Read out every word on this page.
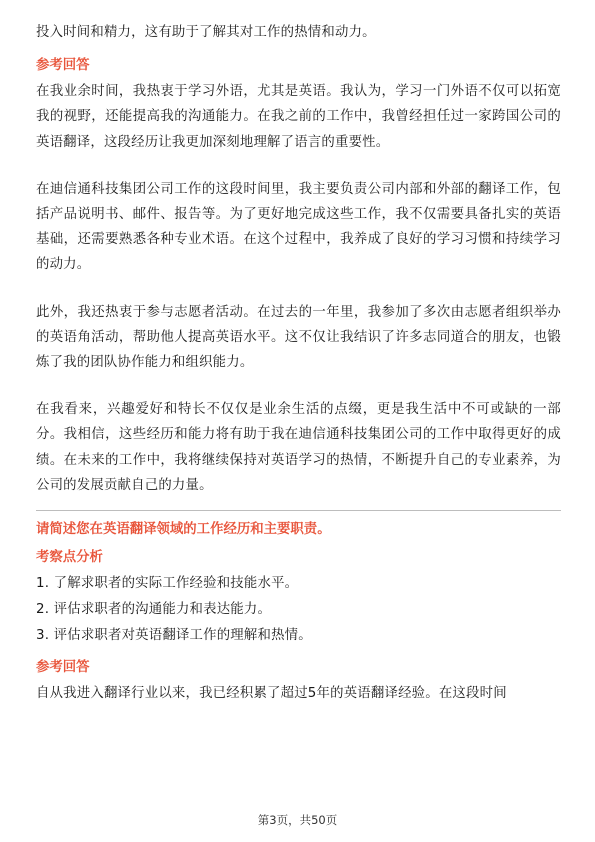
投入时间和精力，这有助于了解其对工作的热情和动力。

参考回答

在我业余时间，我热衷于学习外语，尤其是英语。我认为，学习一门外语不仅可以拓宽我的视野，还能提高我的沟通能力。在我之前的工作中，我曾经担任过一家跨国公司的英语翻译，这段经历让我更加深刻地理解了语言的重要性。

在迪信通科技集团公司工作的这段时间里，我主要负责公司内部和外部的翻译工作，包括产品说明书、邮件、报告等。为了更好地完成这些工作，我不仅需要具备扎实的英语基础，还需要熟悉各种专业术语。在这个过程中，我养成了良好的学习习惯和持续学习的动力。

此外，我还热衷于参与志愿者活动。在过去的一年里，我参加了多次由志愿者组织举办的英语角活动，帮助他人提高英语水平。这不仅让我结识了许多志同道合的朋友，也锻炼了我的团队协作能力和组织能力。

在我看来，兴趣爱好和特长不仅仅是业余生活的点缀，更是我生活中不可或缺的一部分。我相信，这些经历和能力将有助于我在迪信通科技集团公司的工作中取得更好的成绩。在未来的工作中，我将继续保持对英语学习的热情，不断提升自己的专业素养，为公司的发展贡献自己的力量。

请简述您在英语翻译领域的工作经历和主要职责。
考察点分析
1. 了解求职者的实际工作经验和技能水平。
2. 评估求职者的沟通能力和表达能力。
3. 评估求职者对英语翻译工作的理解和热情。
参考回答

自从我进入翻译行业以来，我已经积累了超过5年的英语翻译经验。在这段时间

第3页，共50页
